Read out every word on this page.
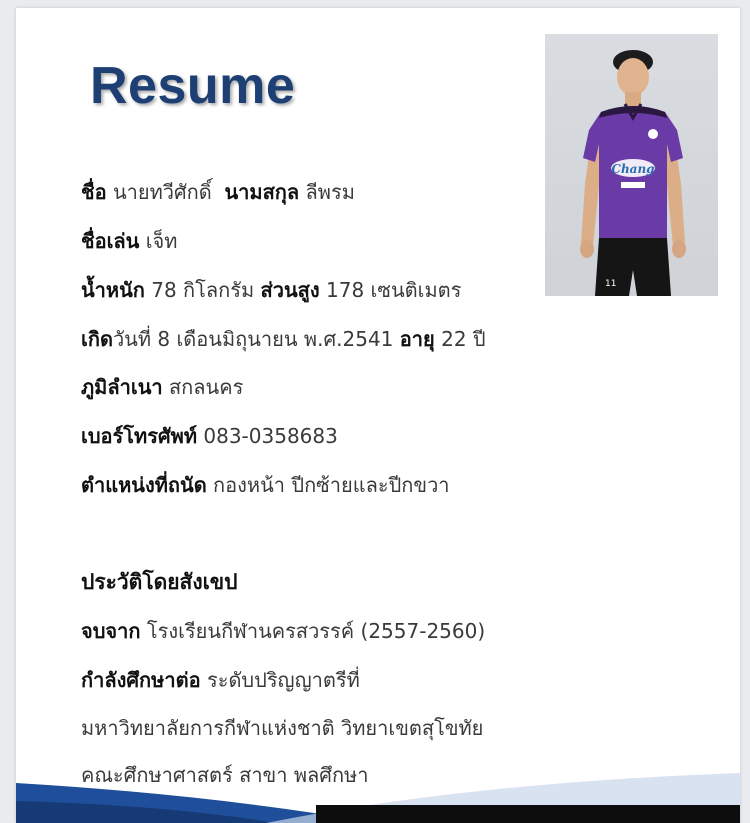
Resume
Chang
11
ชื่อ นายทวีศักดิ์ นามสกุล ลีพรม
ชื่อเล่น เจ็ท
น้ำหนัก 78 กิโลกรัม ส่วนสูง 178 เซนติเมตร
เกิดวันที่ 8 เดือนมิถุนายน พ.ศ.2541 อายุ 22 ปี
ภูมิลำเนา สกลนคร
เบอร์โทรศัพท์ 083-0358683
ตำแหน่งที่ถนัด กองหน้า ปีกซ้ายและปีกขวา
ประวัติโดยสังเขป
จบจาก โรงเรียนกีฬานครสวรรค์ (2557-2560)
กำลังศึกษาต่อ ระดับปริญญาตรีที่
มหาวิทยาลัยการกีฬาแห่งชาติ วิทยาเขตสุโขทัย
คณะศึกษาศาสตร์ สาขา พลศึกษา
